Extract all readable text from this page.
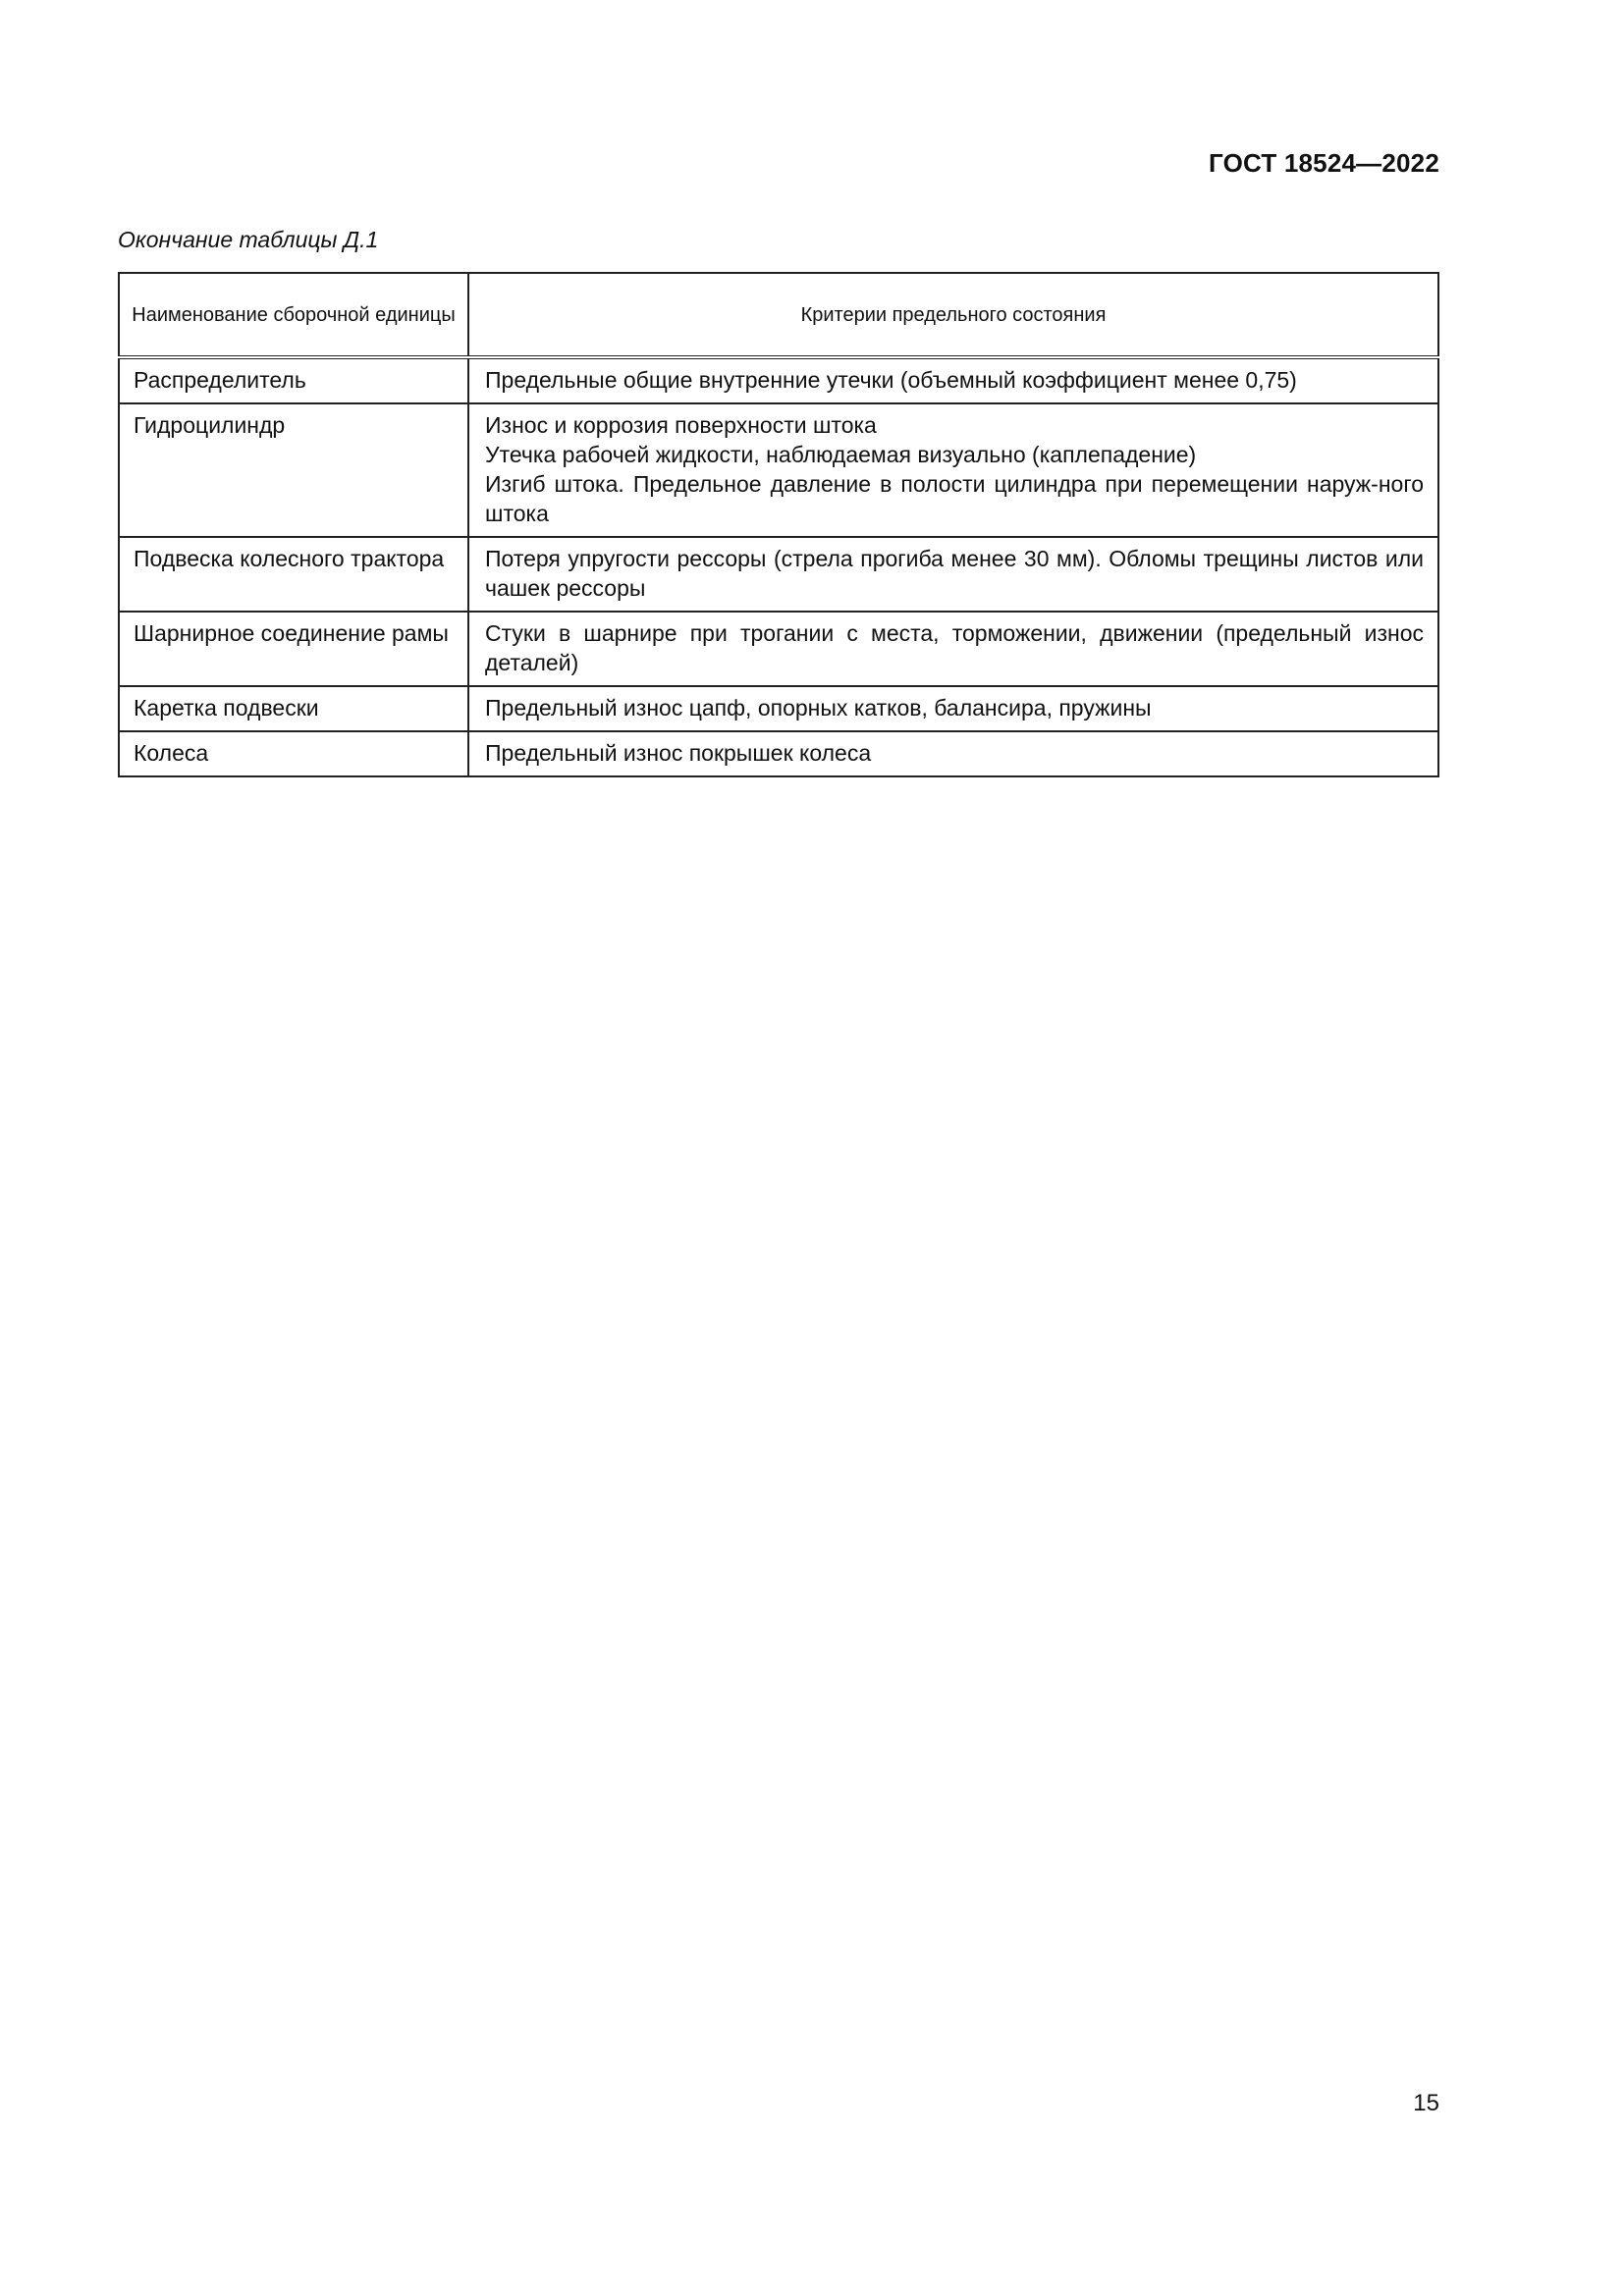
ГОСТ 18524—2022
Окончание таблицы Д.1
Наименование сборочной единицы	Критерии предельного состояния
Распределитель	Предельные общие внутренние утечки (объемный коэффициент менее 0,75)

Гидроцилиндр	Износ и коррозия поверхности штока
Утечка рабочей жидкости, наблюдаемая визуально (каплепадение)
Изгиб штока. Предельное давление в полости цилиндра при перемещении наруж-ного штока

Подвеска колесного трактора	Потеря упругости рессоры (стрела прогиба менее 30 мм). Обломы трещины листов или чашек рессоры

Шарнирное соединение рамы	Стуки в шарнире при трогании с места, торможении, движении (предельный износ деталей)

Каретка подвески	Предельный износ цапф, опорных катков, балансира, пружины

Колеса	Предельный износ покрышек колеса
15
